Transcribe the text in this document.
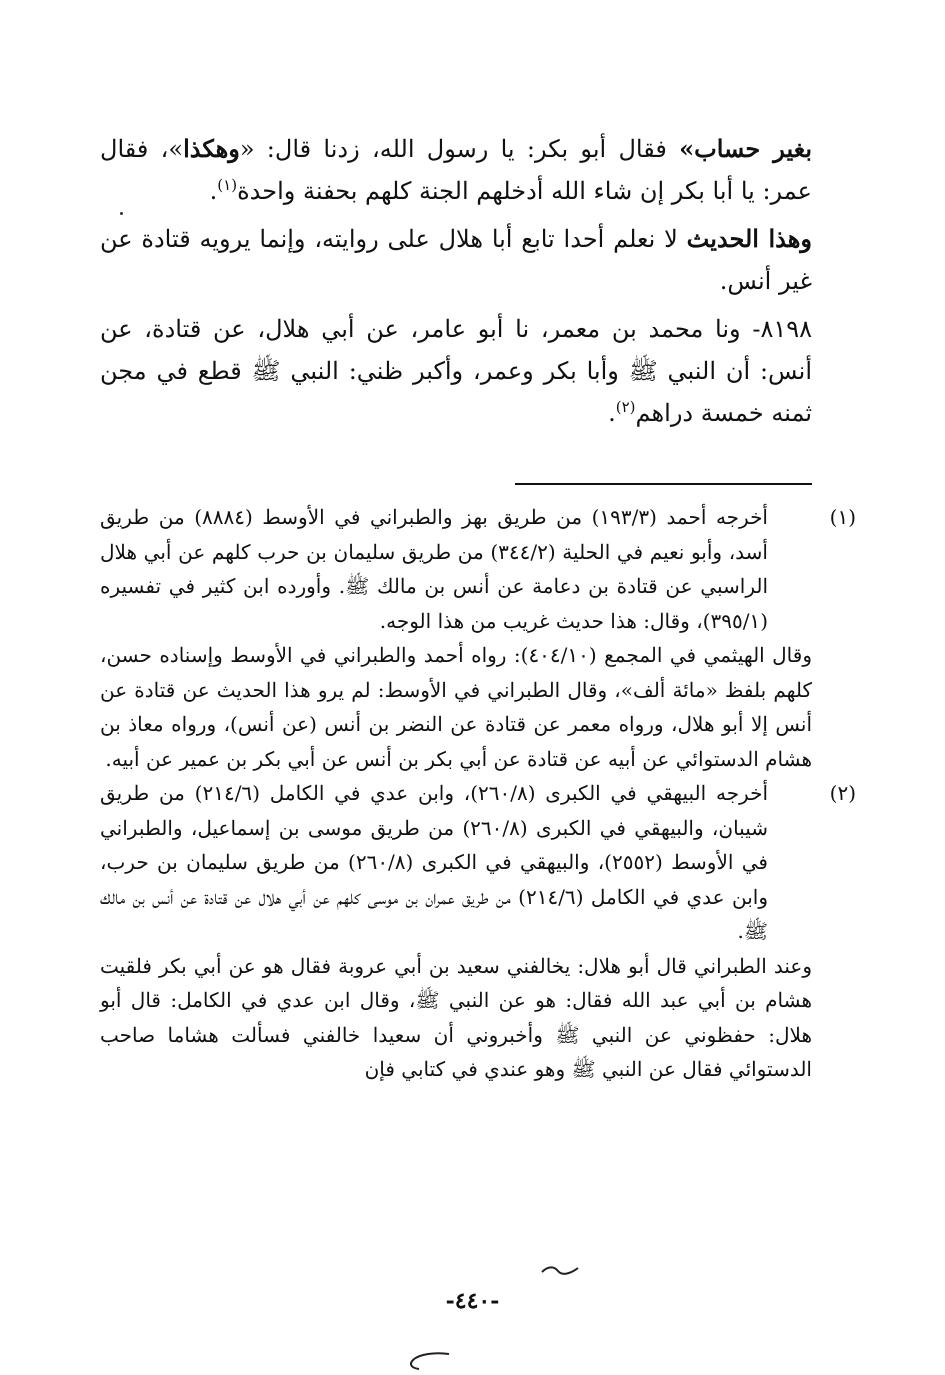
بغير حساب» فقال أبو بكر: يا رسول الله، زدنا قال: «وهكذا»، فقال عمر: يا أبا بكر إن شاء الله أدخلهم الجنة كلهم بحفنة واحدة$^{(١)}$.

وهذا الحديث لا نعلم أحدا تابع أبا هلال على روايته، وإنما يرويه قتادة عن غير أنس.

٨١٩٨- ونا محمد بن معمر، نا أبو عامر، عن أبي هلال، عن قتادة، عن أنس: أن النبي ﷺ وأبا بكر وعمر، وأكبر ظني: النبي ﷺ قطع في مجن ثمنه خمسة دراهم$^{(٢)}$.

(١)أخرجه أحمد (١٩٣/٣) من طريق بهز والطبراني في الأوسط (٨٨٨٤) من طريق أسد، وأبو نعيم في الحلية (٣٤٤/٢) من طريق سليمان بن حرب كلهم عن أبي هلال الراسبي عن قتادة بن دعامة عن أنس بن مالك ﷺ. وأورده ابن كثير في تفسيره (٣٩٥/١)، وقال: هذا حديث غريب من هذا الوجه.

وقال الهيثمي في المجمع (٤٠٤/١٠): رواه أحمد والطبراني في الأوسط وإسناده حسن، كلهم بلفظ «مائة ألف»، وقال الطبراني في الأوسط: لم يرو هذا الحديث عن قتادة عن أنس إلا أبو هلال، ورواه معمر عن قتادة عن النضر بن أنس (عن أنس)، ورواه معاذ بن هشام الدستوائي عن أبيه عن قتادة عن أبي بكر بن أنس عن أبي بكر بن عمير عن أبيه.

(٢)أخرجه البيهقي في الكبرى (٢٦٠/٨)، وابن عدي في الكامل (٢١٤/٦) من طريق شيبان، والبيهقي في الكبرى (٢٦٠/٨) من طريق موسى بن إسماعيل، والطبراني في الأوسط (٢٥٥٢)، والبيهقي في الكبرى (٢٦٠/٨) من طريق سليمان بن حرب، وابن عدي في الكامل (٢١٤/٦) من طريق عمران بن موسى كلهم عن أبي هلال عن قتادة عن أنس بن مالك ﷺ.

وعند الطبراني قال أبو هلال: يخالفني سعيد بن أبي عروبة فقال هو عن أبي بكر فلقيت هشام بن أبي عبد الله فقال: هو عن النبي ﷺ، وقال ابن عدي في الكامل: قال أبو هلال: حفظوني عن النبي ﷺ وأخبروني أن سعيدا خالفني فسألت هشاما صاحب الدستوائي فقال عن النبي ﷺ وهو عندي في كتابي فإن

-٤٤٠-
